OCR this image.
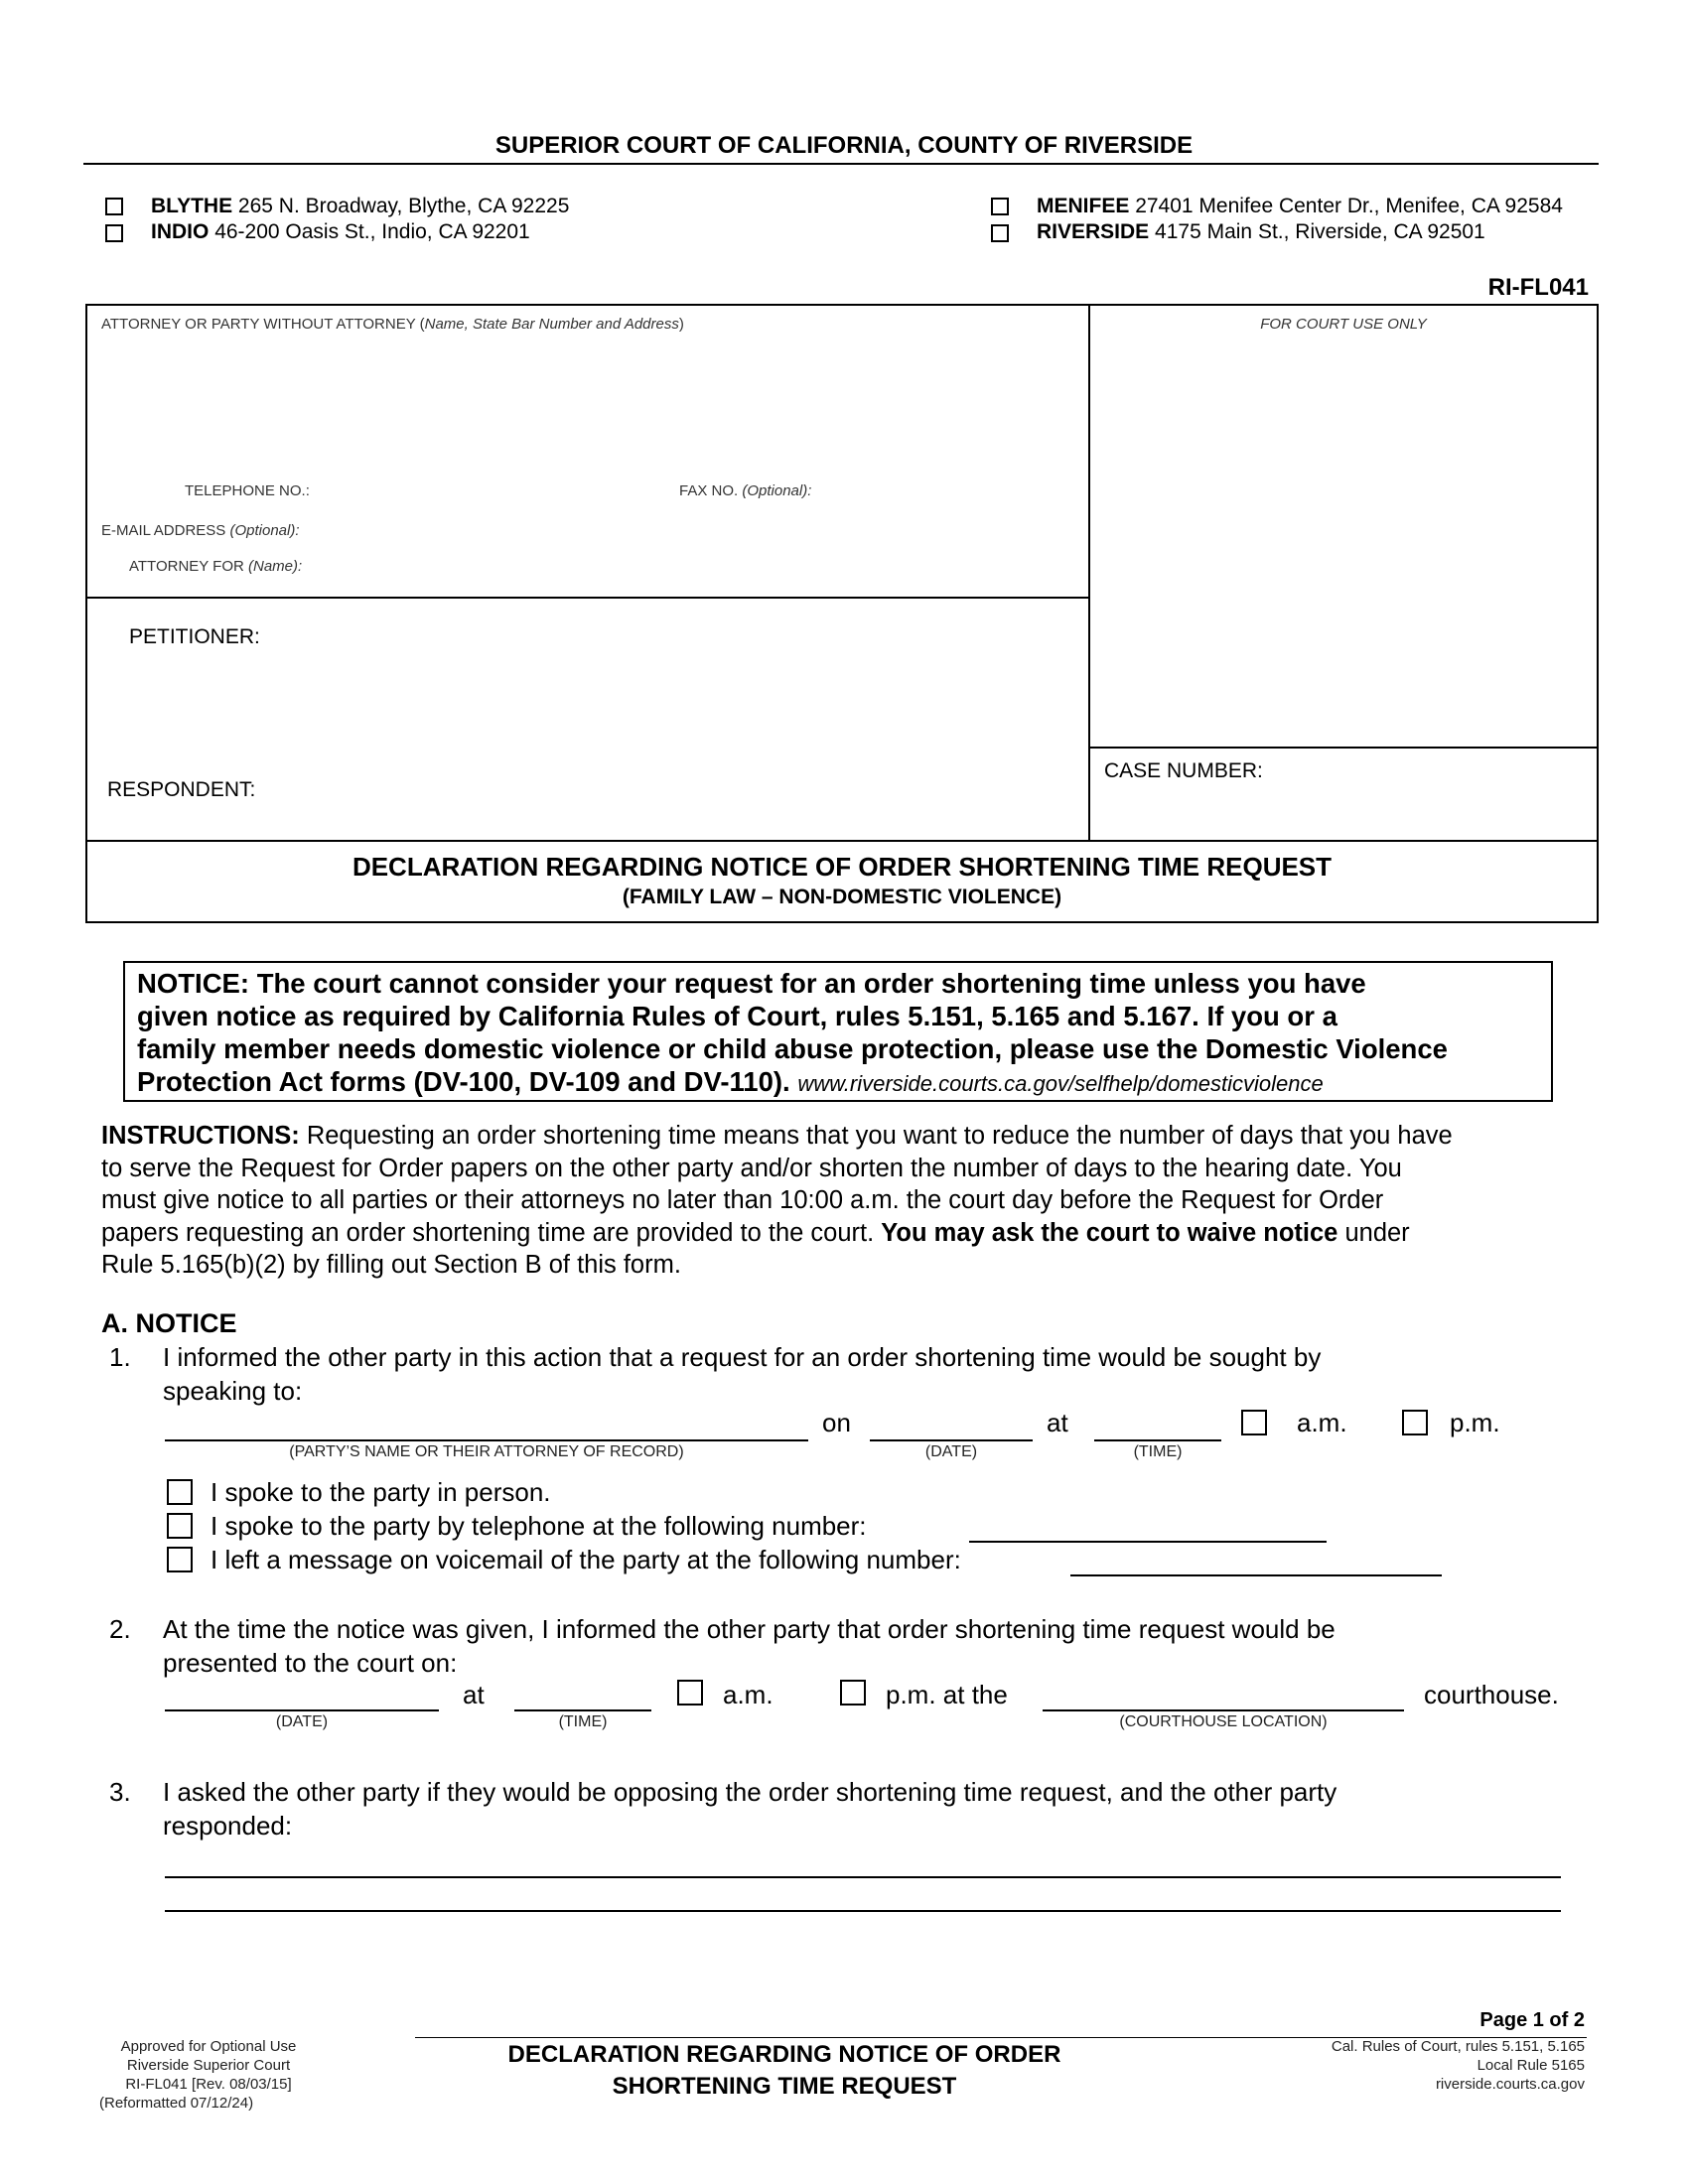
SUPERIOR COURT OF CALIFORNIA, COUNTY OF RIVERSIDE
BLYTHE 265 N. Broadway, Blythe, CA 92225
INDIO 46-200 Oasis St., Indio, CA 92201
MENIFEE 27401 Menifee Center Dr., Menifee, CA 92584
RIVERSIDE 4175 Main St., Riverside, CA 92501
RI-FL041
ATTORNEY OR PARTY WITHOUT ATTORNEY (Name, State Bar Number and Address)	FOR COURT USE ONLY
TELEPHONE NO.:	FAX NO. (Optional):
E-MAIL ADDRESS (Optional):
ATTORNEY FOR (Name):
PETITIONER:
RESPONDENT:
CASE NUMBER:
DECLARATION REGARDING NOTICE OF ORDER SHORTENING TIME REQUEST
(FAMILY LAW – NON-DOMESTIC VIOLENCE)
NOTICE: The court cannot consider your request for an order shortening time unless you have
given notice as required by California Rules of Court, rules 5.151, 5.165 and 5.167. If you or a
family member needs domestic violence or child abuse protection, please use the Domestic Violence
Protection Act forms (DV-100, DV-109 and DV-110). www.riverside.courts.ca.gov/selfhelp/domesticviolence
INSTRUCTIONS: Requesting an order shortening time means that you want to reduce the number of days that you have
to serve the Request for Order papers on the other party and/or shorten the number of days to the hearing date. You
must give notice to all parties or their attorneys no later than 10:00 a.m. the court day before the Request for Order
papers requesting an order shortening time are provided to the court. You may ask the court to waive notice under
Rule 5.165(b)(2) by filling out Section B of this form.
A. NOTICE
1. I informed the other party in this action that a request for an order shortening time would be sought by
speaking to:
on	at	a.m.	p.m.
(PARTY’S NAME OR THEIR ATTORNEY OF RECORD)	(DATE)	(TIME)
I spoke to the party in person.
I spoke to the party by telephone at the following number:
I left a message on voicemail of the party at the following number:
2. At the time the notice was given, I informed the other party that order shortening time request would be
presented to the court on:
at	a.m.	p.m. at the	courthouse.
(DATE)	(TIME)	(COURTHOUSE LOCATION)
3. I asked the other party if they would be opposing the order shortening time request, and the other party
responded:
Page 1 of 2
Approved for Optional Use
Riverside Superior Court
RI-FL041 [Rev. 08/03/15]
(Reformatted 07/12/24)
DECLARATION REGARDING NOTICE OF ORDER
SHORTENING TIME REQUEST
Cal. Rules of Court, rules 5.151, 5.165
Local Rule 5165
riverside.courts.ca.gov
